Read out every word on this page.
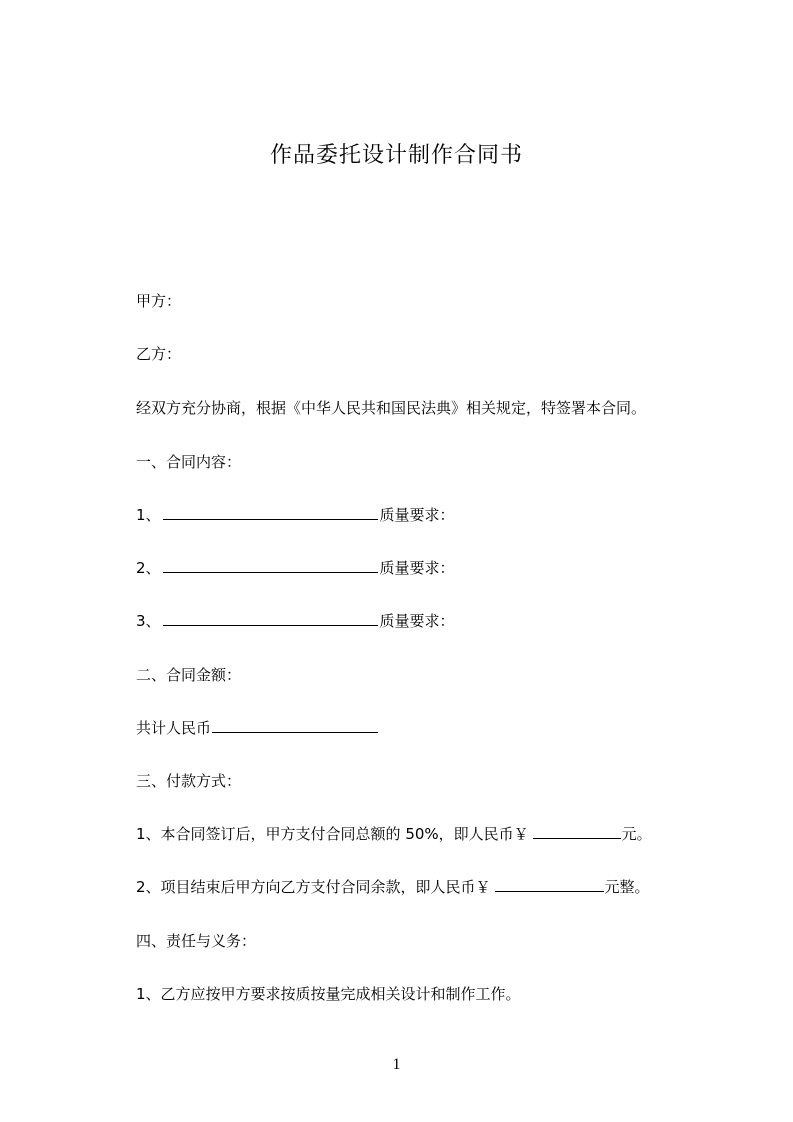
作品委托设计制作合同书
甲方：
乙方：
经双方充分协商，根据《中华人民共和国民法典》相关规定，特签署本合同。
一、合同内容：
1、	质量要求：
2、	质量要求：
3、	质量要求：
二、合同金额：
共计人民币
三、付款方式：
1、本合同签订后，甲方支付合同总额的 50%，即人民币￥	元。
2、项目结束后甲方向乙方支付合同余款，即人民币￥	元整。
四、责任与义务：
1、乙方应按甲方要求按质按量完成相关设计和制作工作。
1
